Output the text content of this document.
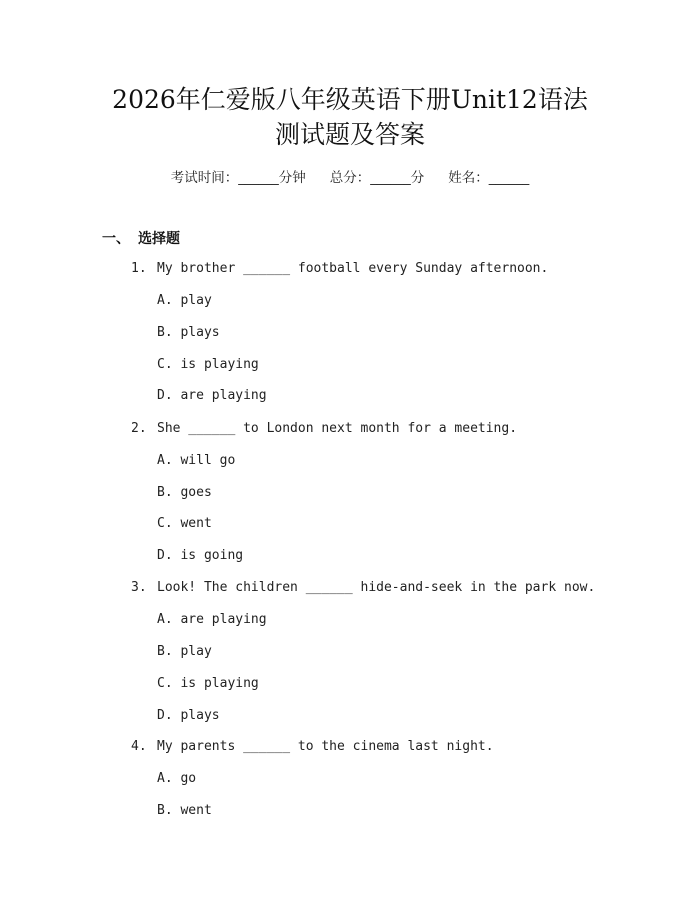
2026年仁爱版八年级英语下册Unit12语法
测试题及答案
考试时间：______分钟 总分：______分 姓名：______
一、 选择题
1. My brother ______ football every Sunday afternoon.
A. play
B. plays
C. is playing
D. are playing
2. She ______ to London next month for a meeting.
A. will go
B. goes
C. went
D. is going
3. Look! The children ______ hide-and-seek in the park now.
A. are playing
B. play
C. is playing
D. plays
4. My parents ______ to the cinema last night.
A. go
B. went
